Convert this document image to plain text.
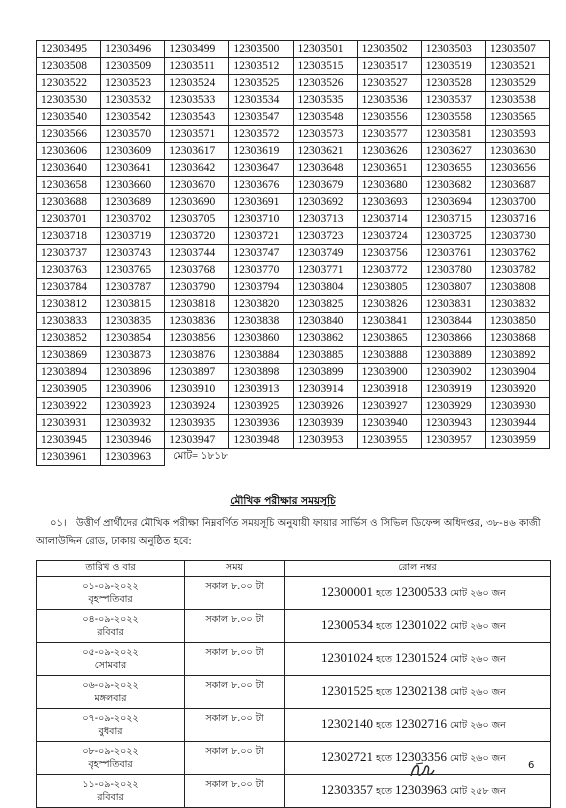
12303495	12303496	12303499	12303500	12303501	12303502	12303503	12303507
12303508	12303509	12303511	12303512	12303515	12303517	12303519	12303521
12303522	12303523	12303524	12303525	12303526	12303527	12303528	12303529
12303530	12303532	12303533	12303534	12303535	12303536	12303537	12303538
12303540	12303542	12303543	12303547	12303548	12303556	12303558	12303565
12303566	12303570	12303571	12303572	12303573	12303577	12303581	12303593
12303606	12303609	12303617	12303619	12303621	12303626	12303627	12303630
12303640	12303641	12303642	12303647	12303648	12303651	12303655	12303656
12303658	12303660	12303670	12303676	12303679	12303680	12303682	12303687
12303688	12303689	12303690	12303691	12303692	12303693	12303694	12303700
12303701	12303702	12303705	12303710	12303713	12303714	12303715	12303716
12303718	12303719	12303720	12303721	12303723	12303724	12303725	12303730
12303737	12303743	12303744	12303747	12303749	12303756	12303761	12303762
12303763	12303765	12303768	12303770	12303771	12303772	12303780	12303782
12303784	12303787	12303790	12303794	12303804	12303805	12303807	12303808
12303812	12303815	12303818	12303820	12303825	12303826	12303831	12303832
12303833	12303835	12303836	12303838	12303840	12303841	12303844	12303850
12303852	12303854	12303856	12303860	12303862	12303865	12303866	12303868
12303869	12303873	12303876	12303884	12303885	12303888	12303889	12303892
12303894	12303896	12303897	12303898	12303899	12303900	12303902	12303904
12303905	12303906	12303910	12303913	12303914	12303918	12303919	12303920
12303922	12303923	12303924	12303925	12303926	12303927	12303929	12303930
12303931	12303932	12303935	12303936	12303939	12303940	12303943	12303944
12303945	12303946	12303947	12303948	12303953	12303955	12303957	12303959
12303961	12303963	মোট= ১৮১৮					
মৌখিক পরীক্ষার সময়সূচি
০১। উত্তীর্ণ প্রার্থীদের মৌখিক পরীক্ষা নিম্নবর্ণিত সময়সূচি অনুযায়ী ফায়ার সার্ভিস ও সিভিল ডিফেন্স অধিদপ্তর, ৩৮-৪৬ কাজী আলাউদ্দিন রোড, ঢাকায় অনুষ্ঠিত হবে:
তারিখ ও বার	সময়	রোল নম্বর

০১-০৯-২০২২
বৃহস্পতিবার	সকাল ৮.০০ টা	12300001 হতে 12300533 মোট ২৬০ জন

০৪-০৯-২০২২
রবিবার	সকাল ৮.০০ টা	12300534 হতে 12301022 মোট ২৬০ জন

০৫-০৯-২০২২
সোমবার	সকাল ৮.০০ টা	12301024 হতে 12301524 মোট ২৬০ জন

০৬-০৯-২০২২
মঙ্গলবার	সকাল ৮.০০ টা	12301525 হতে 12302138 মোট ২৬০ জন

০৭-০৯-২০২২
বুধবার	সকাল ৮.০০ টা	12302140 হতে 12302716 মোট ২৬০ জন

০৮-০৯-২০২২
বৃহস্পতিবার	সকাল ৮.০০ টা	12302721 হতে 12303356 মোট ২৬০ জন

১১-০৯-২০২২
রবিবার	সকাল ৮.০০ টা	12303357 হতে 12303963 মোট ২৫৮ জন
6
